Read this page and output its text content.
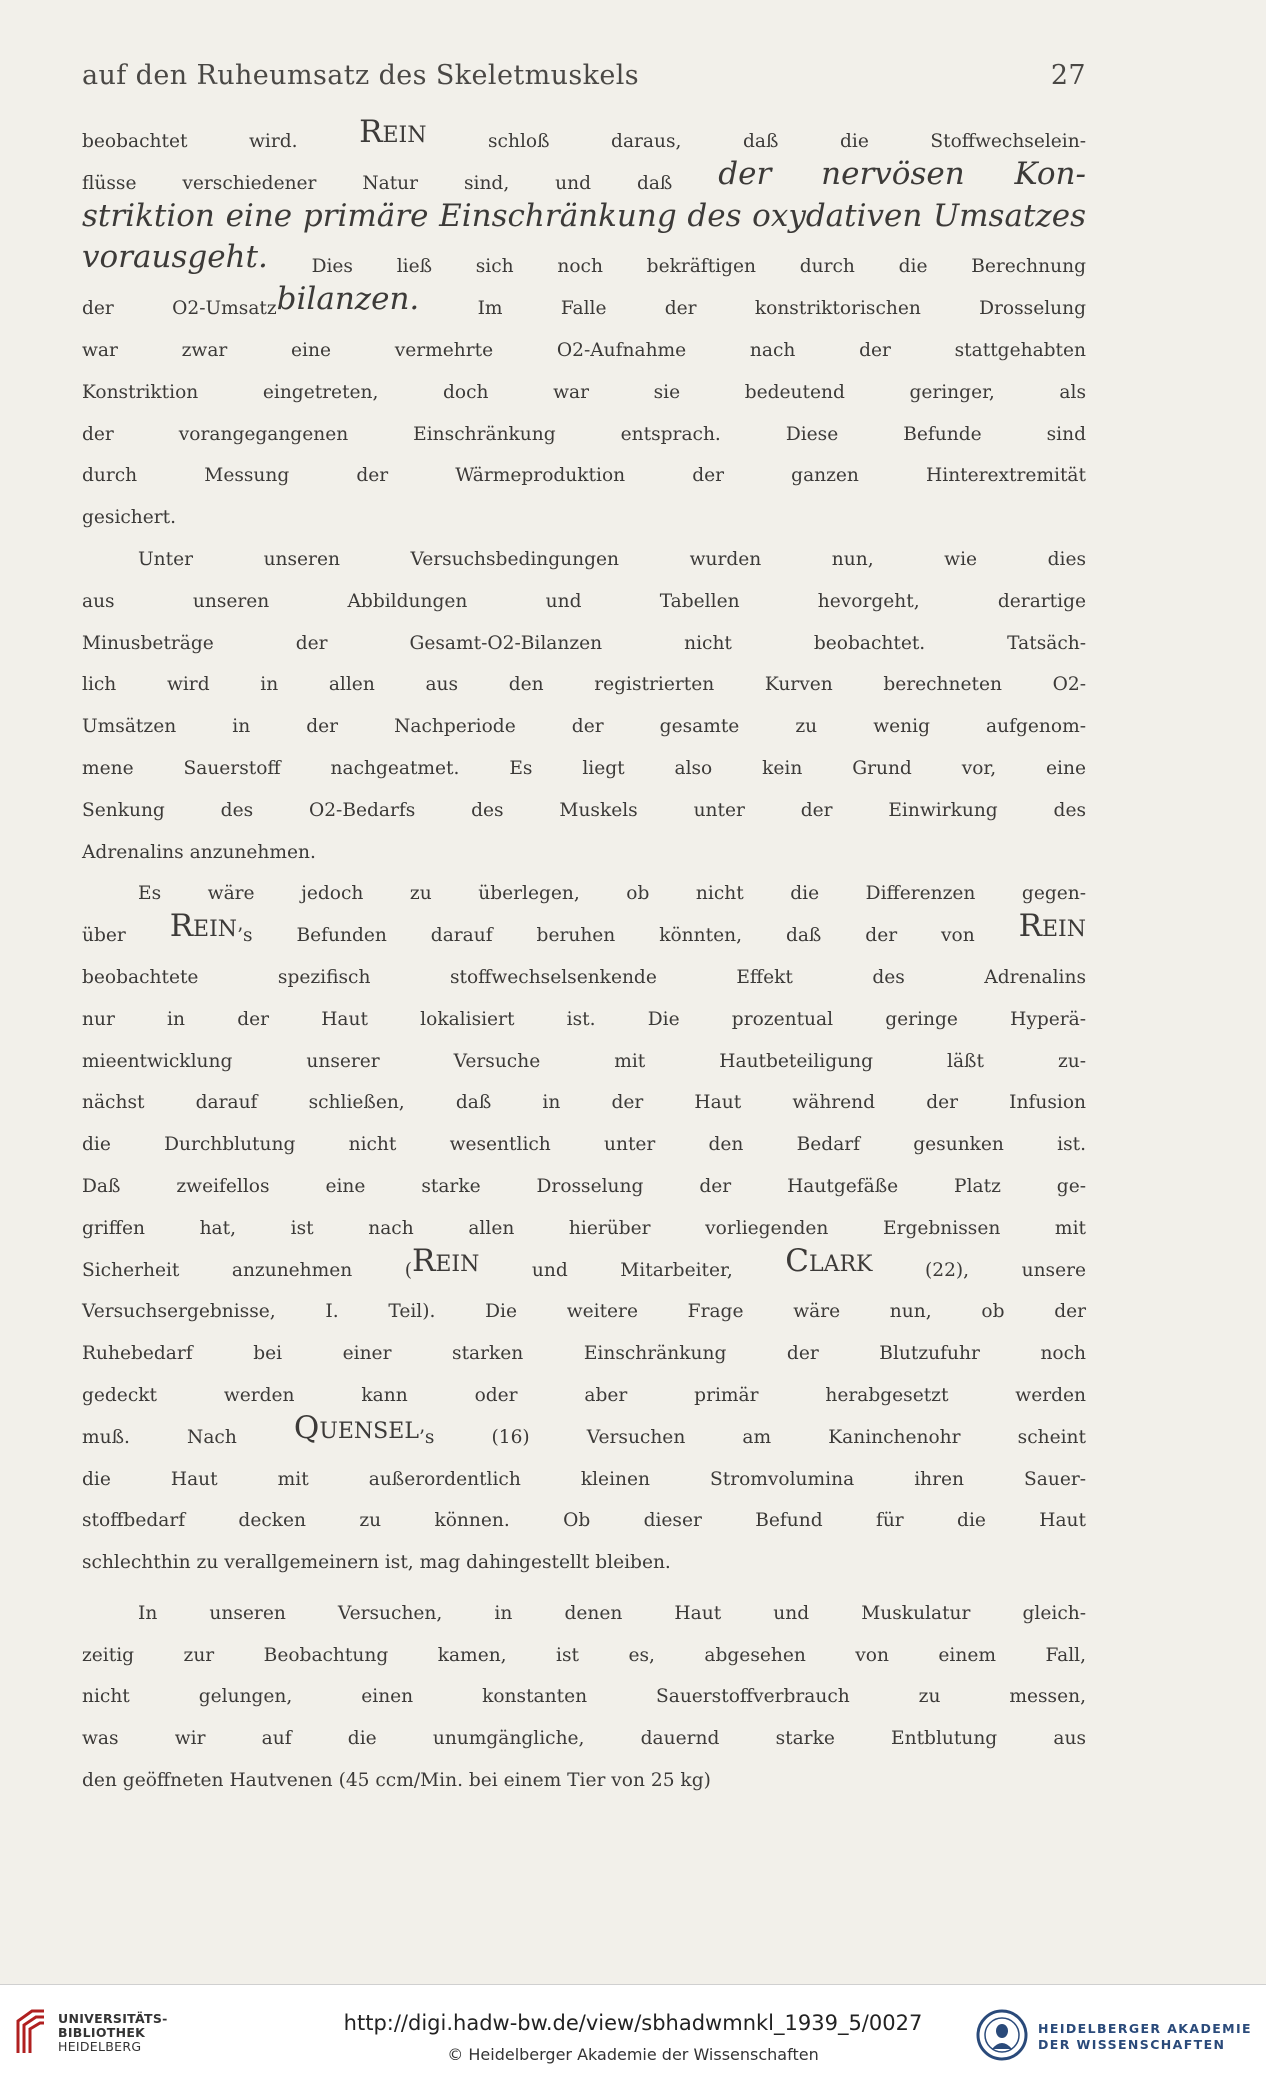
auf den Ruheumsatz des Skeletmuskels	27
$_{beobachtet wird.}$ Rein $_{schloß daraus, daß die Stoffwechselein-}$
$_{flüsse verschiedener Natur sind, und daß}$ der nervösen Kon-
striktion eine primäre Einschränkung des oxydativen Umsatzes
vorausgeht. $_{Dies ließ sich noch bekräftigen durch die Berechnung}$
$_{der O2-Umsatz}$bilanzen. $_{Im Falle der konstriktorischen Drosselung}$
$_{war zwar eine vermehrte O2-Aufnahme nach der stattgehabten}$
$_{Konstriktion eingetreten, doch war sie bedeutend geringer, als}$
$_{der vorangegangenen Einschränkung entsprach. Diese Befunde sind}$
$_{durch Messung der Wärmeproduktion der ganzen Hinterextremität}$
$_{gesichert.}$
$_{Unter unseren Versuchsbedingungen wurden nun, wie dies}$
$_{aus unseren Abbildungen und Tabellen hevorgeht, derartige}$
$_{Minusbeträge der Gesamt-O2-Bilanzen nicht beobachtet. Tatsäch-}$
$_{lich wird in allen aus den registrierten Kurven berechneten O2-}$
$_{Umsätzen in der Nachperiode der gesamte zu wenig aufgenom-}$
$_{mene Sauerstoff nachgeatmet. Es liegt also kein Grund vor, eine}$
$_{Senkung des O2-Bedarfs des Muskels unter der Einwirkung des}$
$_{Adrenalins anzunehmen.}$
$_{Es wäre jedoch zu überlegen, ob nicht die Differenzen gegen-}$
$_{über}$ Rein$_{’s Befunden darauf beruhen könnten, daß der von}$ Rein
$_{beobachtete spezifisch stoffwechselsenkende Effekt des Adrenalins}$
$_{nur in der Haut lokalisiert ist. Die prozentual geringe Hyperä-}$
$_{mieentwicklung unserer Versuche mit Hautbeteiligung läßt zu-}$
$_{nächst darauf schließen, daß in der Haut während der Infusion}$
$_{die Durchblutung nicht wesentlich unter den Bedarf gesunken ist.}$
$_{Daß zweifellos eine starke Drosselung der Hautgefäße Platz ge-}$
$_{griffen hat, ist nach allen hierüber vorliegenden Ergebnissen mit}$
$_{Sicherheit anzunehmen (}$Rein $_{und Mitarbeiter,}$ Clark $_{(22), unsere}$
$_{Versuchsergebnisse, I. Teil). Die weitere Frage wäre nun, ob der}$
$_{Ruhebedarf bei einer starken Einschränkung der Blutzufuhr noch}$
$_{gedeckt werden kann oder aber primär herabgesetzt werden}$
$_{muß. Nach}$ Quensel$_{’s (16) Versuchen am Kaninchenohr scheint}$
$_{die Haut mit außerordentlich kleinen Stromvolumina ihren Sauer-}$
$_{stoffbedarf decken zu können. Ob dieser Befund für die Haut}$
$_{schlechthin zu verallgemeinern ist, mag dahingestellt bleiben.}$
$_{In unseren Versuchen, in denen Haut und Muskulatur gleich-}$
$_{zeitig zur Beobachtung kamen, ist es, abgesehen von einem Fall,}$
$_{nicht gelungen, einen konstanten Sauerstoffverbrauch zu messen,}$
$_{was wir auf die unumgängliche, dauernd starke Entblutung aus}$
$_{den geöffneten Hautvenen (45 ccm/Min. bei einem Tier von 25 kg)}$
UNIVERSITÄTS-
BIBLIOTHEK
HEIDELBERG
http://digi.hadw-bw.de/view/sbhadwmnkl_1939_5/0027
© Heidelberger Akademie der Wissenschaften
HEIDELBERGER AKADEMIE
DER WISSENSCHAFTEN
